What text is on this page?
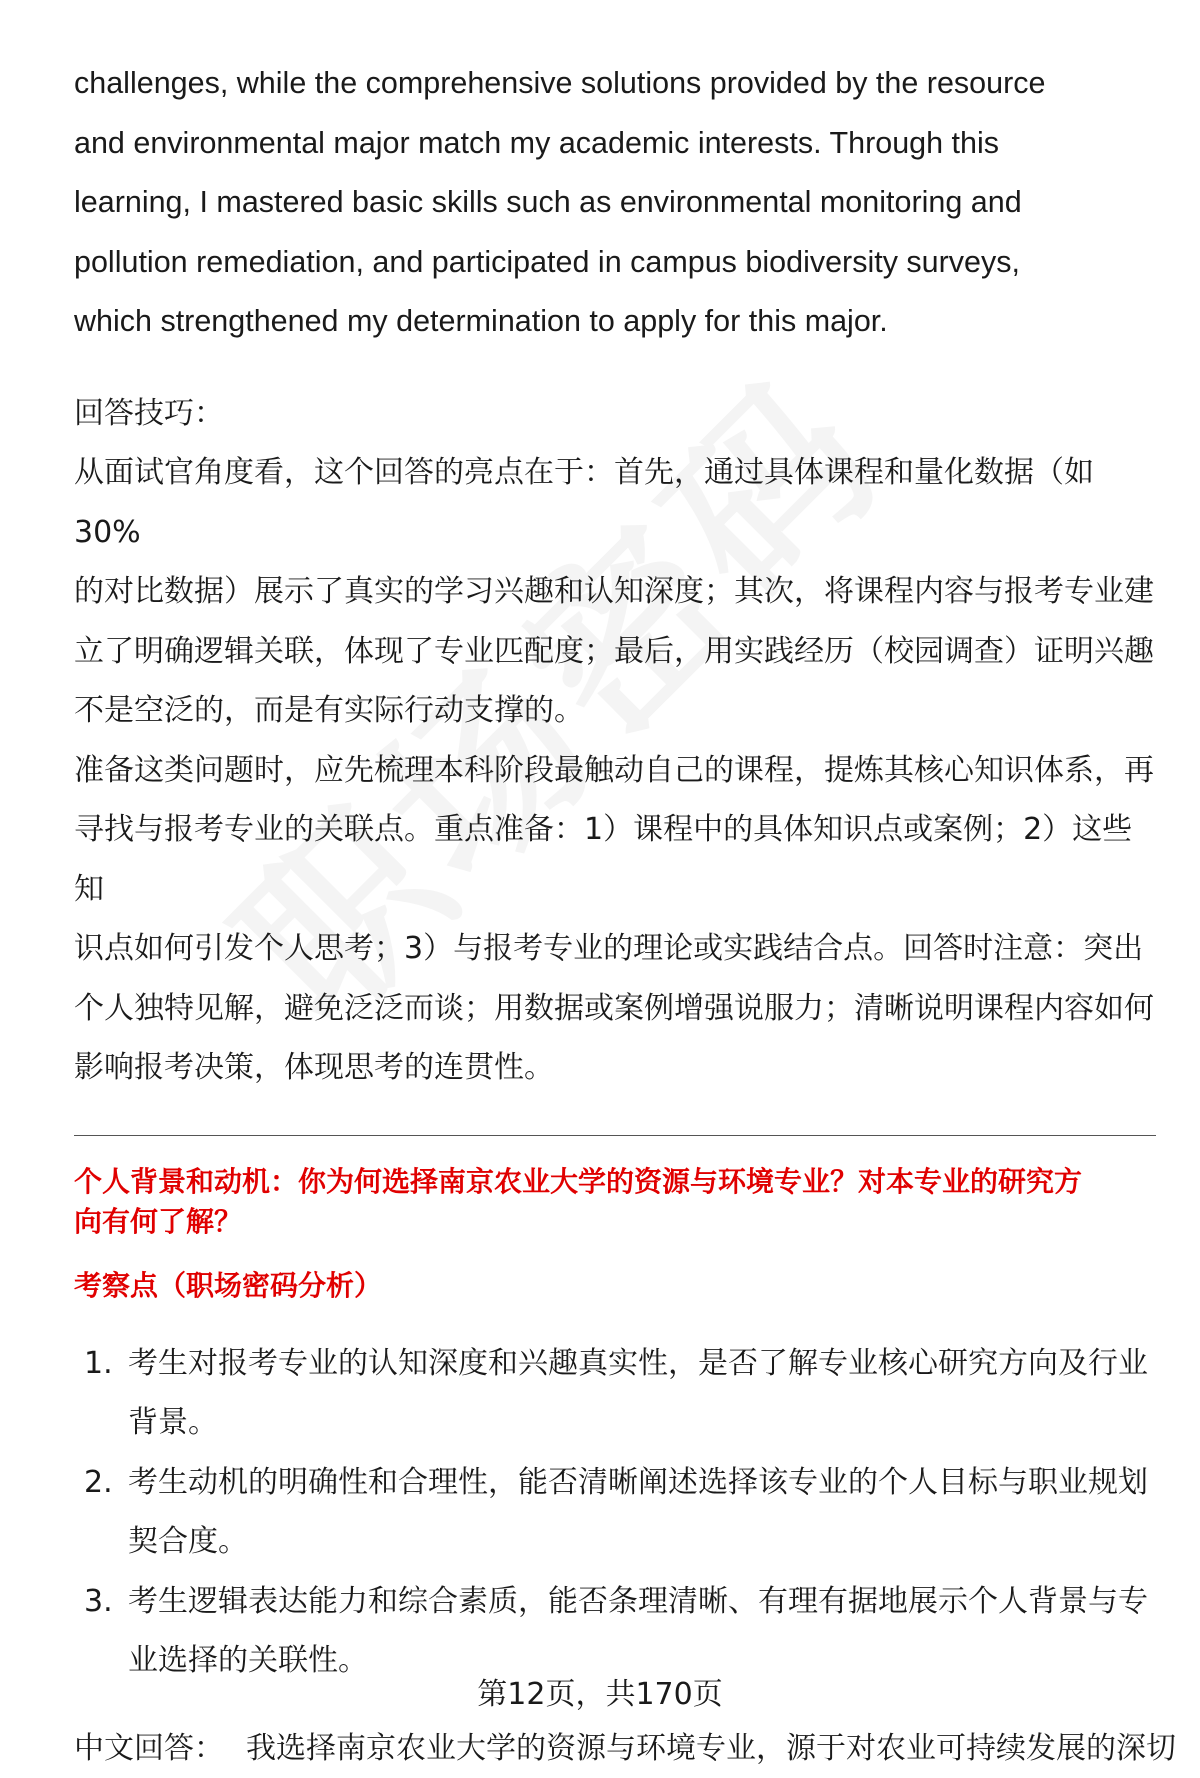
challenges, while the comprehensive solutions provided by the resource

and environmental major match my academic interests. Through this

learning, I mastered basic skills such as environmental monitoring and

pollution remediation, and participated in campus biodiversity surveys,

which strengthened my determination to apply for this major.

回答技巧：

从面试官角度看，这个回答的亮点在于：首先，通过具体课程和量化数据（如30%

的对比数据）展示了真实的学习兴趣和认知深度；其次，将课程内容与报考专业建

立了明确逻辑关联，体现了专业匹配度；最后，用实践经历（校园调查）证明兴趣

不是空泛的，而是有实际行动支撑的。

准备这类问题时，应先梳理本科阶段最触动自己的课程，提炼其核心知识体系，再

寻找与报考专业的关联点。重点准备：1）课程中的具体知识点或案例；2）这些知

识点如何引发个人思考；3）与报考专业的理论或实践结合点。回答时注意：突出

个人独特见解，避免泛泛而谈；用数据或案例增强说服力；清晰说明课程内容如何

影响报考决策，体现思考的连贯性。

个人背景和动机：你为何选择南京农业大学的资源与环境专业？对本专业的研究方

向有何了解？

考察点（职场密码分析）

1. 考生对报考专业的认知深度和兴趣真实性，是否了解专业核心研究方向及行业
背景。
2. 考生动机的明确性和合理性，能否清晰阐述选择该专业的个人目标与职业规划
契合度。
3. 考生逻辑表达能力和综合素质，能否条理清晰、有理有据地展示个人背景与专
业选择的关联性。

中文回答： 我选择南京农业大学的资源与环境专业，源于对农业可持续发展的深切

第12页，共170页
